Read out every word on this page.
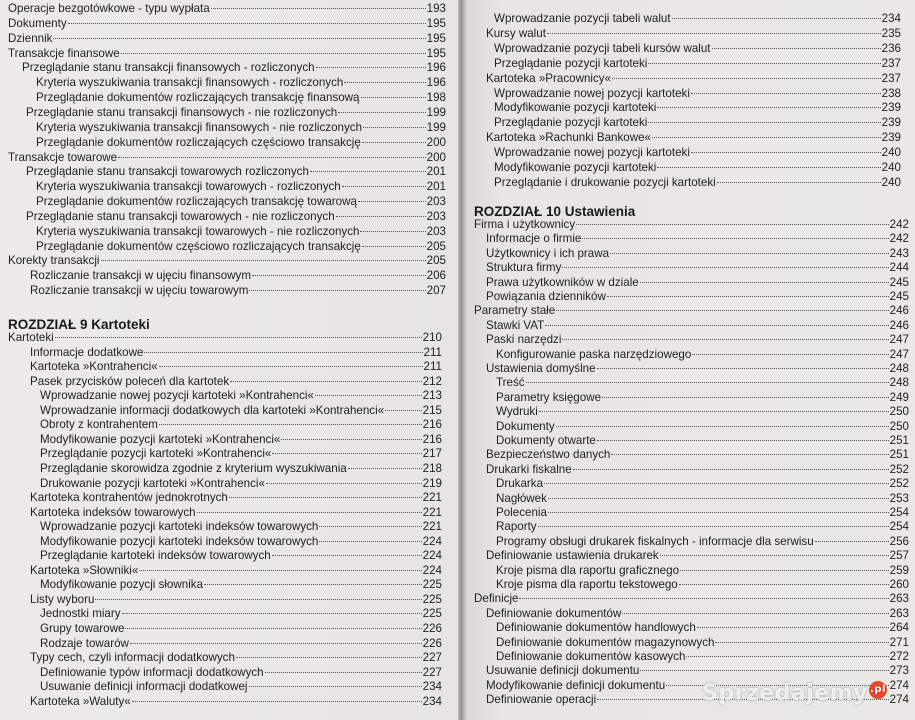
Operacje bezgotówkowe - typu wypłata	193
Dokumenty	195
Dziennik	195
Transakcje finansowe	195
Przeglądanie stanu transakcji finansowych - rozliczonych	196
Kryteria wyszukiwania transakcji finansowych - rozliczonych	196
Przeglądanie dokumentów rozliczających transakcję finansową	198
Przeglądanie stanu transakcji finansowych - nie rozliczonych	199
Kryteria wyszukiwania transakcji finansowych - nie rozliczonych	199
Przeglądanie dokumentów rozliczających częściowo transakcję	200
Transakcje towarowe	200
Przeglądanie stanu transakcji towarowych rozliczonych	201
Kryteria wyszukiwania transakcji towarowych - rozliczonych	201
Przeglądanie dokumentów rozliczających transakcję towarową	203
Przeglądanie stanu transakcji towarowych - nie rozliczonych	203
Kryteria wyszukiwania transakcji towarowych - nie rozliczonych	203
Przeglądanie dokumentów częściowo rozliczających transakcję	205
Korekty transakcji	205
Rozliczanie transakcji w ujęciu finansowym	206
Rozliczanie transakcji w ujęciu towarowym	207
ROZDZIAŁ 9 Kartoteki
Kartoteki	210
Informacje dodatkowe	211
Kartoteka »Kontrahenci«	211
Pasek przycisków poleceń dla kartotek	212
Wprowadzanie nowej pozycji kartoteki »Kontrahenci«	213
Wprowadzanie informacji dodatkowych dla kartoteki »Kontrahenci«	215
Obroty z kontrahentem	216
Modyfikowanie pozycji kartoteki »Kontrahenci«	216
Przeglądanie pozycji kartoteki »Kontrahenci«	217
Przeglądanie skorowidza zgodnie z kryterium wyszukiwania	218
Drukowanie pozycji kartoteki »Kontrahenci«	219
Kartoteka kontrahentów jednokrotnych	221
Kartoteka indeksów towarowych	221
Wprowadzanie pozycji kartoteki indeksów towarowych	221
Modyfikowanie pozycji kartoteki indeksów towarowych	224
Przeglądanie kartoteki indeksów towarowych	224
Kartoteka »Słowniki«	224
Modyfikowanie pozycji słownika	225
Listy wyboru	225
Jednostki miary	225
Grupy towarowe	226
Rodzaje towarów	226
Typy cech, czyli informacji dodatkowych	227
Definiowanie typów informacji dodatkowych	227
Usuwanie definicji informacji dodatkowej	234
Kartoteka »Waluty«	234
Wprowadzanie pozycji tabeli walut	234
Kursy walut	235
Wprowadzanie pozycji tabeli kursów walut	236
Przeglądanie pozycji kartoteki	237
Kartoteka »Pracownicy«	237
Wprowadzanie nowej pozycji kartoteki	238
Modyfikowanie pozycji kartoteki	239
Przeglądanie pozycji kartoteki	239
Kartoteka »Rachunki Bankowe«	239
Wprowadzanie nowej pozycji kartoteki	240
Modyfikowanie pozycji kartoteki	240
Przeglądanie i drukowanie pozycji kartoteki	240
ROZDZIAŁ 10 Ustawienia
Firma i użytkownicy	242
Informacje o firmie	242
Użytkownicy i ich prawa	243
Struktura firmy	244
Prawa użytkowników w dziale	245
Powiązania dzienników	245
Parametry stałe	246
Stawki VAT	246
Paski narzędzi	247
Konfigurowanie paska narzędziowego	247
Ustawienia domyślne	248
Treść	248
Parametry księgowe	249
Wydruki	250
Dokumenty	250
Dokumenty otwarte	251
Bezpieczeństwo danych	251
Drukarki fiskalne	252
Drukarka	252
Nagłówek	253
Polecenia	254
Raporty	254
Programy obsługi drukarek fiskalnych - informacje dla serwisu	256
Definiowanie ustawienia drukarek	257
Kroje pisma dla raportu graficznego	259
Kroje pisma dla raportu tekstowego	260
Definicje	263
Definiowanie dokumentów	263
Definiowanie dokumentów handlowych	264
Definiowanie dokumentów magazynowych	271
Definiowanie dokumentów kasowych	272
Usuwanie definicji dokumentu	273
Modyfikowanie definicji dokumentu	274
Definiowanie operacji	274
Sprzedajemy .pl
